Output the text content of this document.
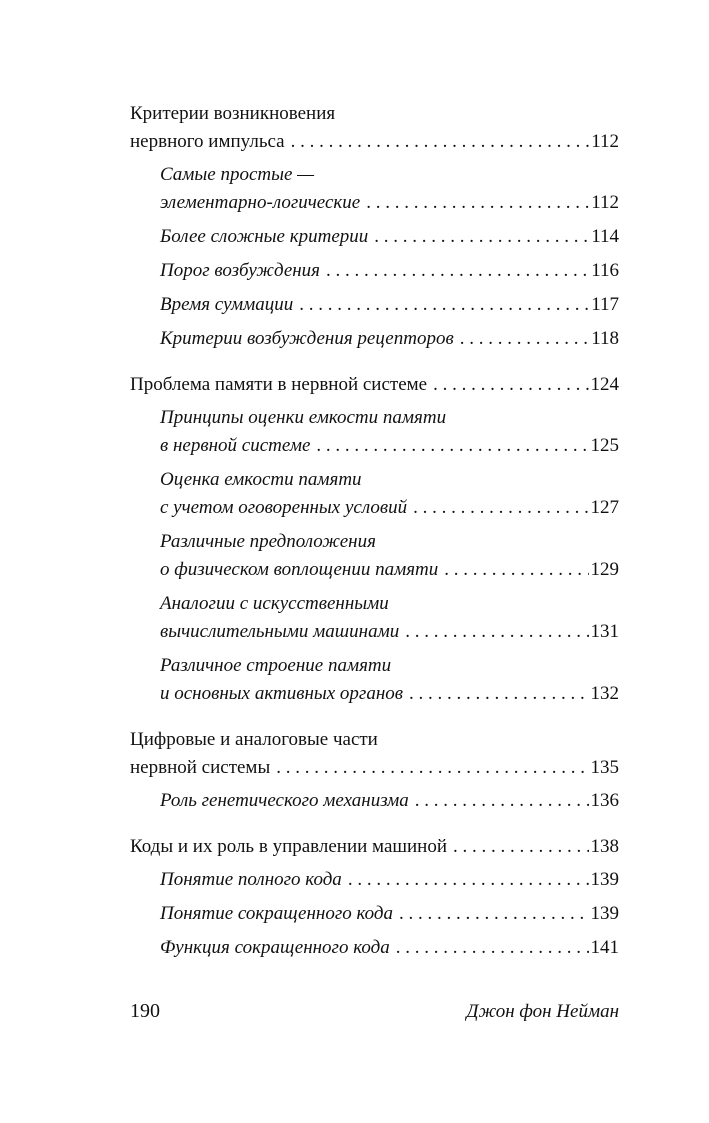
Критерии возникновения
нервного импульса . . .	112
Самые простые —
элементарно-логические . . .	112
Более сложные критерии . . .	114
Порог возбуждения . . .	116
Время суммации . . .	117
Критерии возбуждения рецепторов . . .	118
Проблема памяти в нервной системе . . .	124
Принципы оценки емкости памяти
в нервной системе . . .	125
Оценка емкости памяти
с учетом оговоренных условий . . .	127
Различные предположения
о физическом воплощении памяти . . .	129
Аналогии с искусственными
вычислительными машинами . . .	131
Различное строение памяти
и основных активных органов . . .	132
Цифровые и аналоговые части
нервной системы . . .	135
Роль генетического механизма . . .	136
Коды и их роль в управлении машиной . . .	138
Понятие полного кода . . .	139
Понятие сокращенного кода . . .	139
Функция сокращенного кода . . .	141
190	Джон фон Нейман
